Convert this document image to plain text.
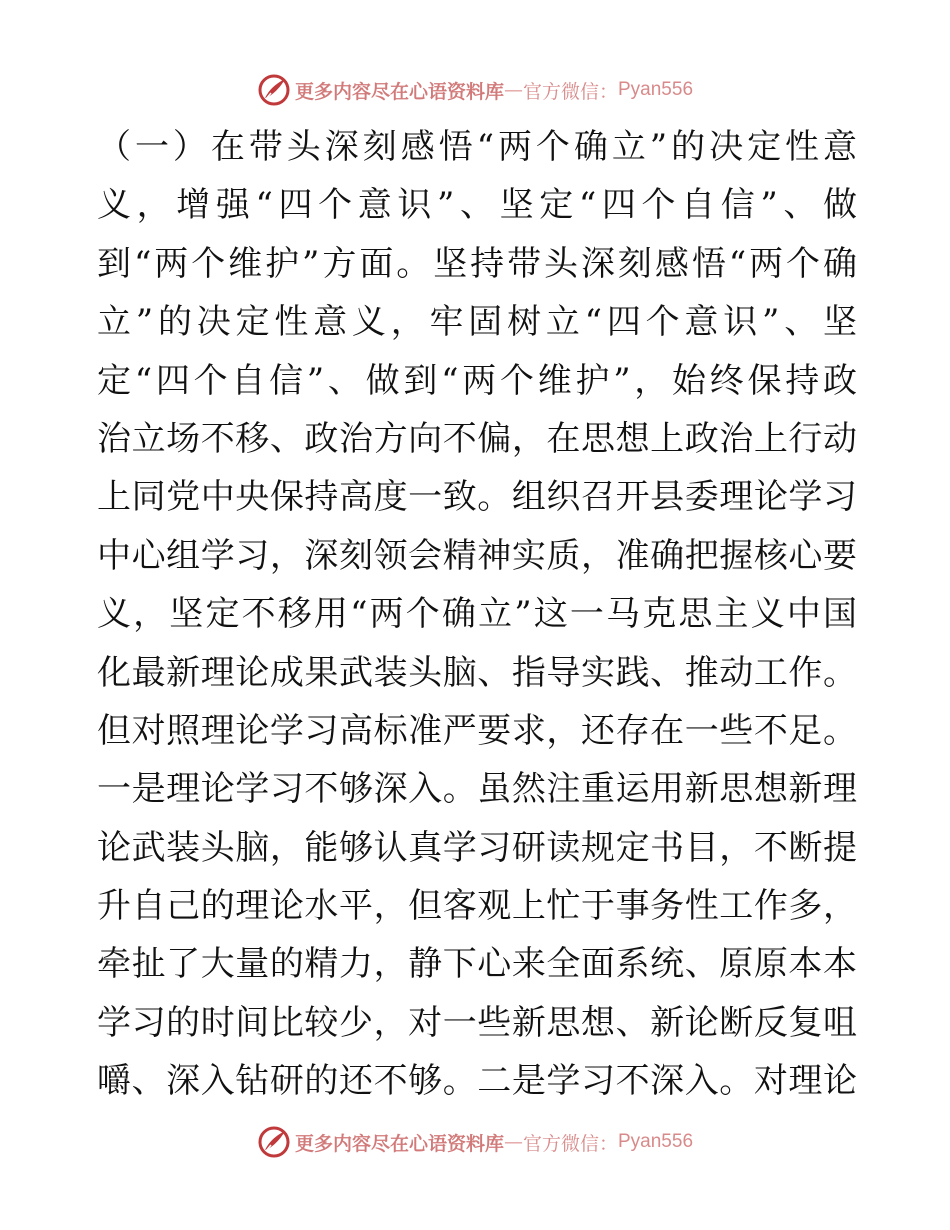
更多内容尽在心语资料库 — 官方微信： Pyan556
（一）在带头深刻感悟“两个确立”的决定性意
义，增强“四个意识”、坚定“四个自信”、做
到“两个维护”方面。坚持带头深刻感悟“两个确
立”的决定性意义，牢固树立“四个意识”、坚
定“四个自信”、做到“两个维护”，始终保持政
治立场不移、政治方向不偏，在思想上政治上行动
上同党中央保持高度一致。组织召开县委理论学习
中心组学习，深刻领会精神实质，准确把握核心要
义，坚定不移用“两个确立”这一马克思主义中国
化最新理论成果武装头脑、指导实践、推动工作。
但对照理论学习高标准严要求，还存在一些不足。
一是理论学习不够深入。虽然注重运用新思想新理
论武装头脑，能够认真学习研读规定书目，不断提
升自己的理论水平，但客观上忙于事务性工作多，
牵扯了大量的精力，静下心来全面系统、原原本本
学习的时间比较少，对一些新思想、新论断反复咀
嚼、深入钻研的还不够。二是学习不深入。对理论
更多内容尽在心语资料库 — 官方微信： Pyan556
